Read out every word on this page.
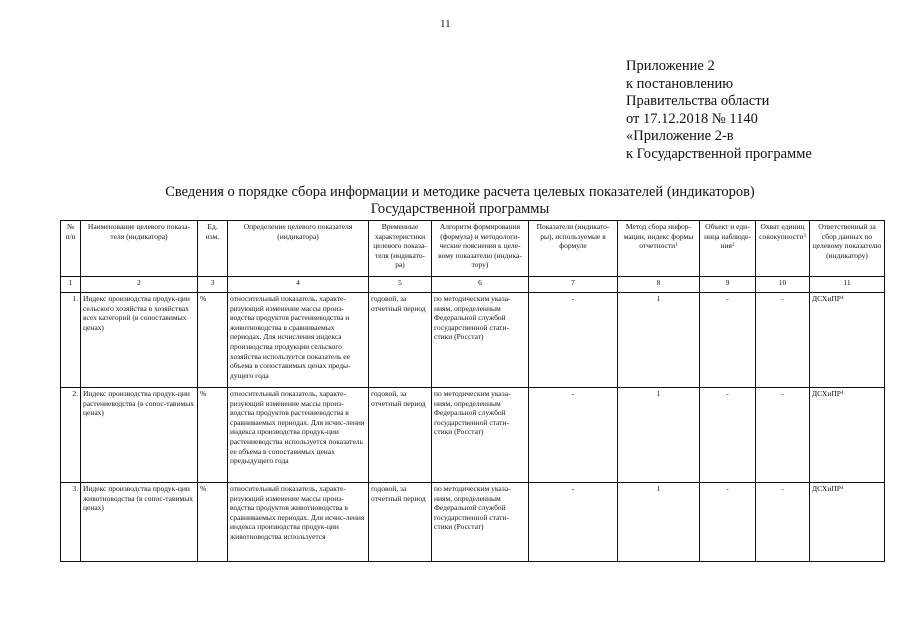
11
Приложение 2
к постановлению
Правительства области
от 17.12.2018 № 1140
«Приложение 2-в
к Государственной программе
Сведения о порядке сбора информации и методике расчета целевых показателей (индикаторов)
Государственной программы
№ п/п	Наименование целевого показа-теля (индикатора)	Ед. изм.	Определение целевого показателя (индикатора)	Временные характеристики целевого показа-теля (индикато-ра)	Алгоритм формирования (формула) и методологи-ческие пояснения к целе-вому показателю (индика-тору)	Показатели (индикато-ры), используемые в формуле	Метод сбора инфор-мации, индекс формы отчетности$^1$	Объект и еди-ница наблюде-ния$^2$	Охват единиц совокупности$^3$	Ответственный за сбор данных по целевому показателю (индикатору)
1	2	3	4	5	6	7	8	9	10	11
1.	Индекс производства продук-ции сельского хозяйства в хозяйствах всех категорий (в сопоставимых ценах)	%	относительный показатель, характе-ризующий изменение массы произ-водства продуктов растениеводства и животноводства в сравниваемых периодах. Для исчисления индекса производства продукции сельского хозяйства используется показатель ее объема в сопоставимых ценах преды-дущего года	годовой, за отчетный период	по методическим указа-ниям, определенным Федеральной службой государственной стати-стики (Росстат)	-	1	-	-	ДСХиПР$^4$
2.	Индекс производства продук-ции растениеводства (в сопос-тавимых ценах)	%	относительный показатель, характе-ризующий изменение массы произ-водства продуктов растениеводства в сравниваемых периодах. Для исчис-ления индекса производства продук-ции растениеводства используется показатель ее объема в сопоставимых ценах предыдущего года	годовой, за отчетный период	по методическим указа-ниям, определенным Федеральной службой государственной стати-стики (Росстат)	-	1	-	-	ДСХиПР$^4$
3.	Индекс производства продук-ции животноводства (в сопос-тавимых ценах)	%	относительный показатель, характе-ризующий изменение массы произ-водства продуктов животноводства в сравниваемых периодах. Для исчис-ления индекса производства продук-ции животноводства используется	годовой, за отчетный период	по методическим указа-ниям, определенным Федеральной службой государственной стати-стики (Росстат)	-	1	-	-	ДСХиПР$^4$
